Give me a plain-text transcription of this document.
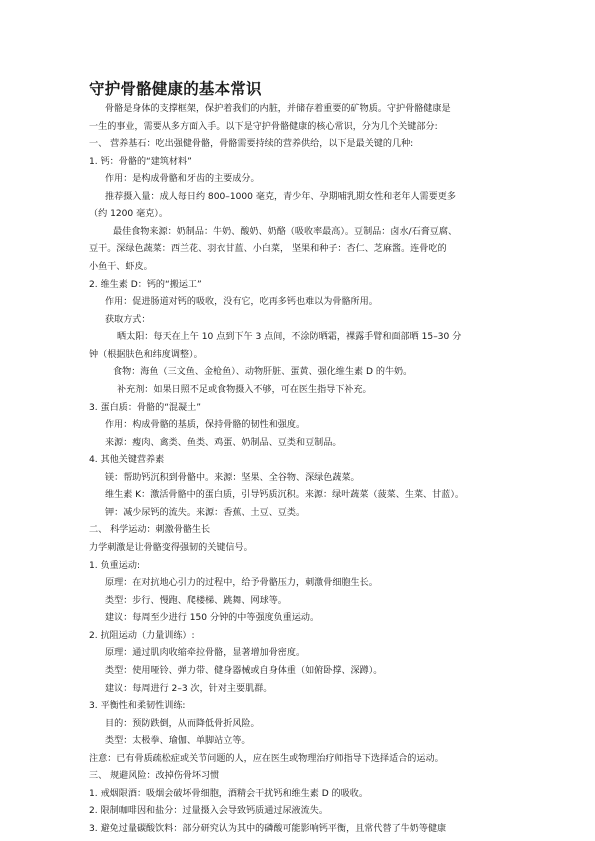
守护骨骼健康的基本常识
骨骼是身体的支撑框架，保护着我们的内脏，并储存着重要的矿物质。守护骨骼健康是
一生的事业，需要从多方面入手。以下是守护骨骼健康的核心常识，分为几个关键部分:
一、 营养基石：吃出强健骨骼，骨骼需要持续的营养供给，以下是最关键的几种:
1. 钙：骨骼的“建筑材料”
作用：是构成骨骼和牙齿的主要成分。
推荐摄入量：成人每日约 800–1000 毫克，青少年、孕期哺乳期女性和老年人需要更多
（约 1200 毫克）。
最佳食物来源：奶制品：牛奶、酸奶、奶酪（吸收率最高）。豆制品：卤水/石膏豆腐、
豆干。深绿色蔬菜：西兰花、羽衣甘蓝、小白菜， 坚果和种子：杏仁、芝麻酱。连骨吃的
小鱼干、虾皮。
2. 维生素 D：钙的“搬运工”
作用：促进肠道对钙的吸收，没有它，吃再多钙也难以为骨骼所用。
获取方式：
晒太阳：每天在上午 10 点到下午 3 点间，不涂防晒霜，裸露手臂和面部晒 15–30 分
钟（根据肤色和纬度调整）。
食物：海鱼（三文鱼、金枪鱼）、动物肝脏、蛋黄、强化维生素 D 的牛奶。
补充剂：如果日照不足或食物摄入不够，可在医生指导下补充。
3. 蛋白质：骨骼的“混凝土”
作用：构成骨骼的基质，保持骨骼的韧性和强度。
来源：瘦肉、禽类、鱼类、鸡蛋、奶制品、豆类和豆制品。
4. 其他关键营养素
镁：帮助钙沉积到骨骼中。来源：坚果、全谷物、深绿色蔬菜。
维生素 K：激活骨骼中的蛋白质，引导钙质沉积。来源：绿叶蔬菜（菠菜、生菜、甘蓝）。
钾：减少尿钙的流失。来源：香蕉、土豆、豆类。
二、 科学运动：刺激骨骼生长
力学刺激是让骨骼变得强韧的关键信号。
1. 负重运动:
原理：在对抗地心引力的过程中，给予骨骼压力，刺激骨细胞生长。
类型：步行、慢跑、爬楼梯、跳舞、网球等。
建议：每周至少进行 150 分钟的中等强度负重运动。
2. 抗阻运动（力量训练）:
原理：通过肌肉收缩牵拉骨骼，显著增加骨密度。
类型：使用哑铃、弹力带、健身器械或自身体重（如俯卧撑、深蹲）。
建议：每周进行 2–3 次，针对主要肌群。
3. 平衡性和柔韧性训练:
目的：预防跌倒，从而降低骨折风险。
类型：太极拳、瑜伽、单脚站立等。
注意：已有骨质疏松症或关节问题的人，应在医生或物理治疗师指导下选择适合的运动。
三、 规避风险：改掉伤骨坏习惯
1. 戒烟限酒：吸烟会破坏骨细胞，酒精会干扰钙和维生素 D 的吸收。
2. 限制咖啡因和盐分：过量摄入会导致钙质通过尿液流失。
3. 避免过量碳酸饮料：部分研究认为其中的磷酸可能影响钙平衡，且常代替了牛奶等健康
